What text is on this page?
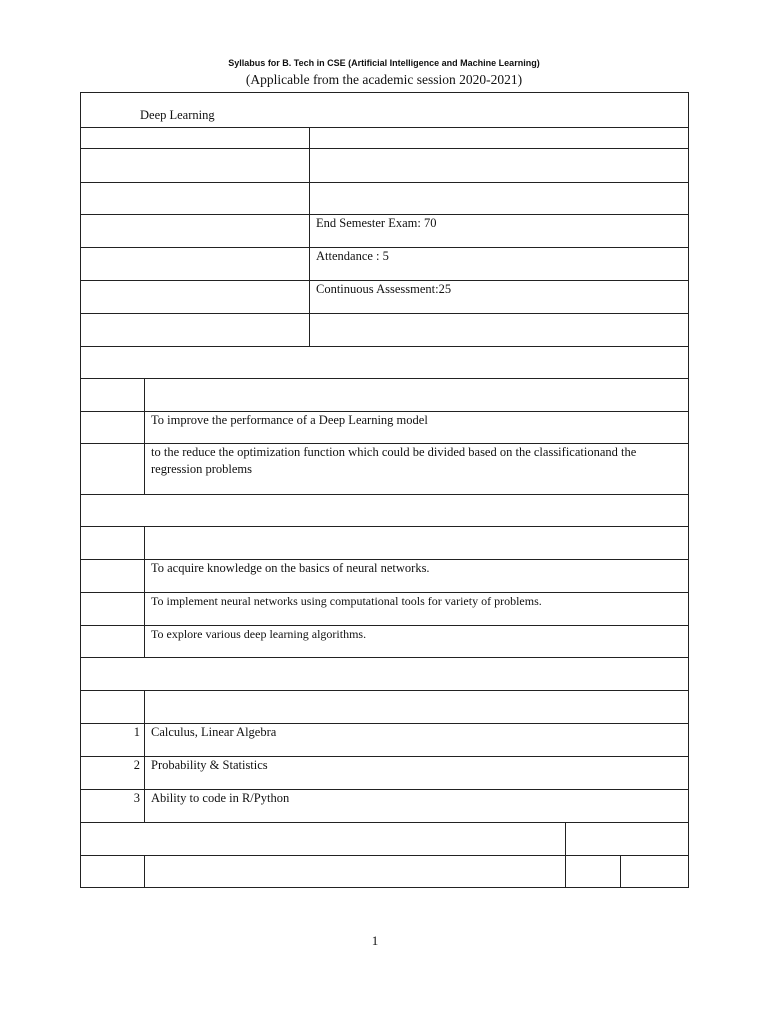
Syllabus for B. Tech in CSE (Artificial Intelligence and Machine Learning)
(Applicable from the academic session 2020-2021)
Deep Learning
End Semester Exam: 70
Attendance : 5
Continuous Assessment:25
To improve the performance of a Deep Learning model
to the reduce the optimization function which could be divided based on the classificationand the regression problems
To acquire knowledge on the basics of neural networks.
To implement neural networks using computational tools for variety of problems.
To explore various deep learning algorithms.
1 Calculus, Linear Algebra
2 Probability & Statistics
3 Ability to code in R/Python
1
